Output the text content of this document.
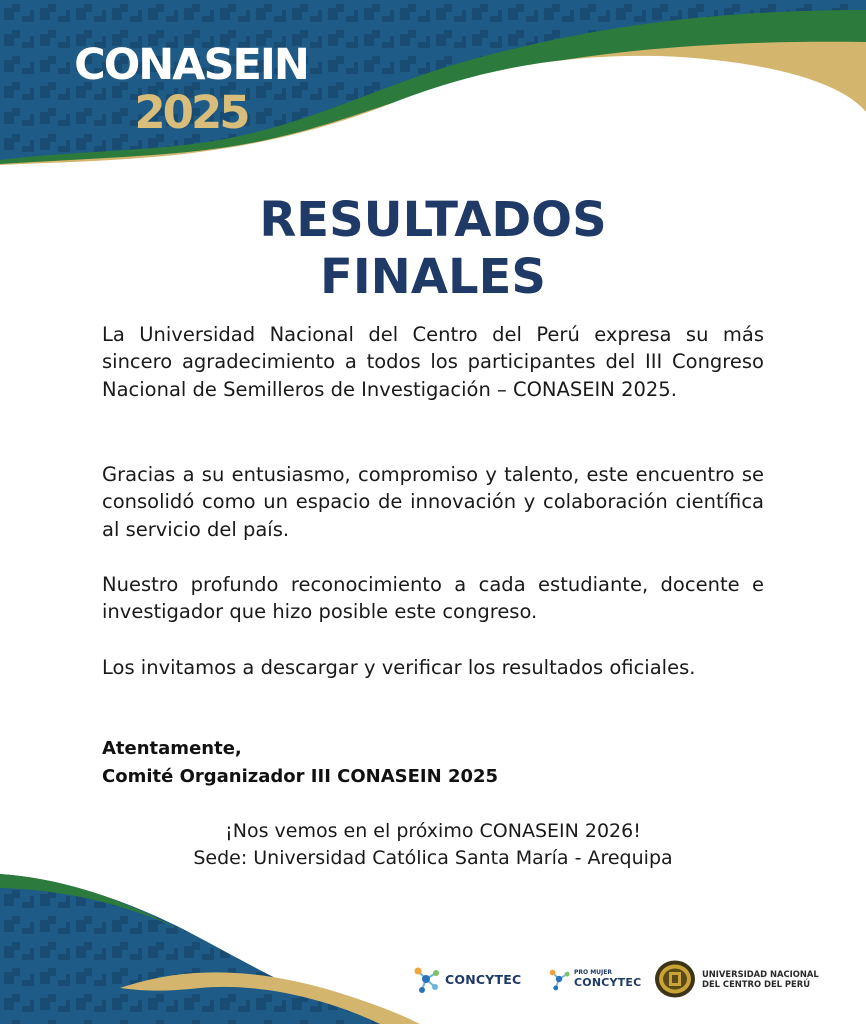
CONASEIN
2025
RESULTADOS
FINALES

La Universidad Nacional del Centro del Perú expresa su más sincero agradecimiento a todos los participantes del III Congreso Nacional de Semilleros de Investigación – CONASEIN 2025.

Gracias a su entusiasmo, compromiso y talento, este encuentro se consolidó como un espacio de innovación y colaboración científica al servicio del país.

Nuestro profundo reconocimiento a cada estudiante, docente e investigador que hizo posible este congreso.

Los invitamos a descargar y verificar los resultados oficiales.

Atentamente,
Comité Organizador III CONASEIN 2025
¡Nos vemos en el próximo CONASEIN 2026!
Sede: Universidad Católica Santa María - Arequipa
CONCYTEC	PRO MUJER
CONCYTEC
UNIVERSIDAD NACIONAL
DEL CENTRO DEL PERÚ
